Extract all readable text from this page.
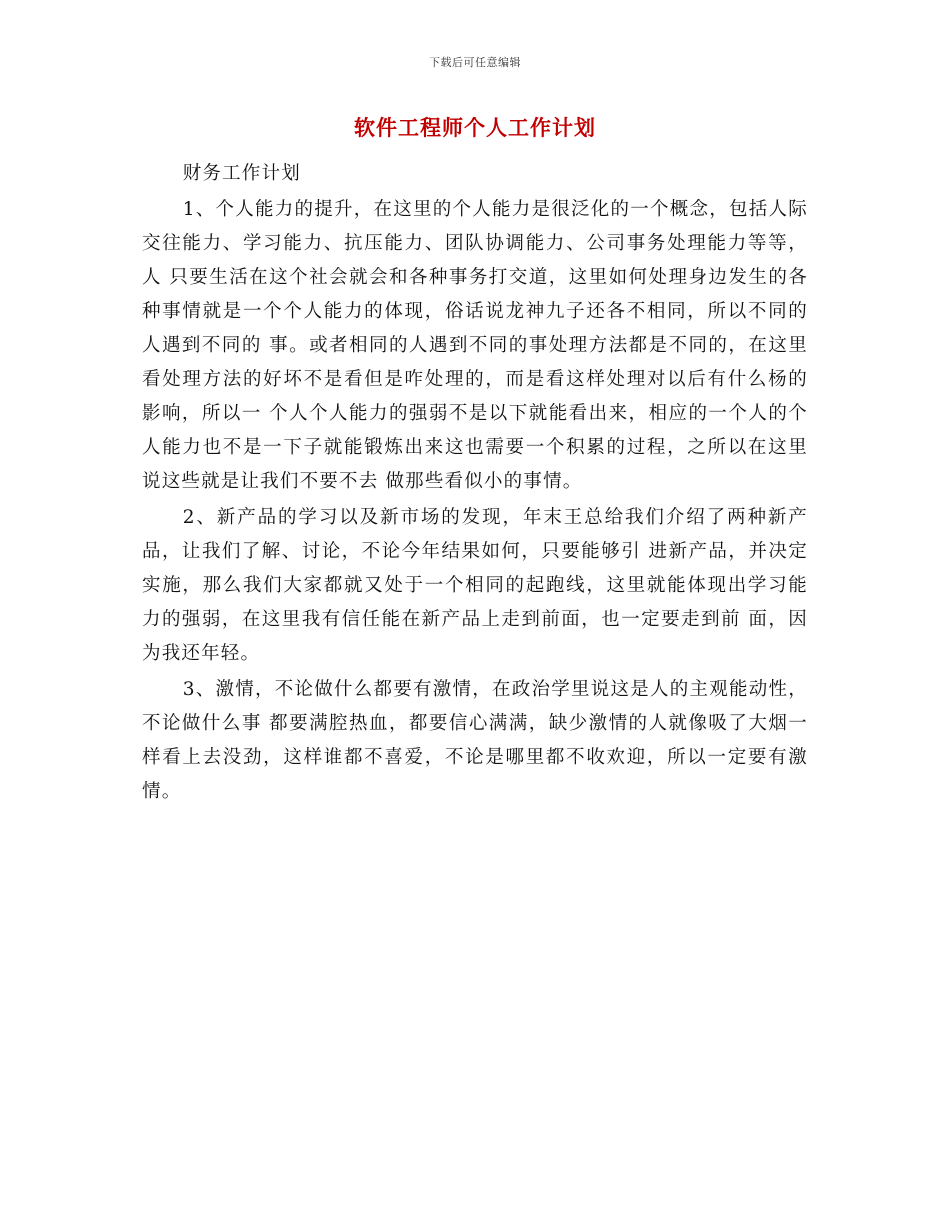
下载后可任意编辑
软件工程师个人工作计划

财务工作计划

1、个人能力的提升，在这里的个人能力是很泛化的一个概念，包括人际交往能力、学习能力、抗压能力、团队协调能力、公司事务处理能力等等，人 只要生活在这个社会就会和各种事务打交道，这里如何处理身边发生的各种事情就是一个个人能力的体现，俗话说龙神九子还各不相同，所以不同的人遇到不同的 事。或者相同的人遇到不同的事处理方法都是不同的，在这里看处理方法的好坏不是看但是咋处理的，而是看这样处理对以后有什么杨的影响，所以一 个人个人能力的强弱不是以下就能看出来，相应的一个人的个人能力也不是一下子就能锻炼出来这也需要一个积累的过程，之所以在这里说这些就是让我们不要不去 做那些看似小的事情。

2、新产品的学习以及新市场的发现，年末王总给我们介绍了两种新产品，让我们了解、讨论，不论今年结果如何，只要能够引 进新产品，并决定实施，那么我们大家都就又处于一个相同的起跑线，这里就能体现出学习能力的强弱，在这里我有信任能在新产品上走到前面，也一定要走到前 面，因为我还年轻。

3、激情，不论做什么都要有激情，在政治学里说这是人的主观能动性，不论做什么事 都要满腔热血，都要信心满满，缺少激情的人就像吸了大烟一样看上去没劲，这样谁都不喜爱，不论是哪里都不收欢迎，所以一定要有激情。
